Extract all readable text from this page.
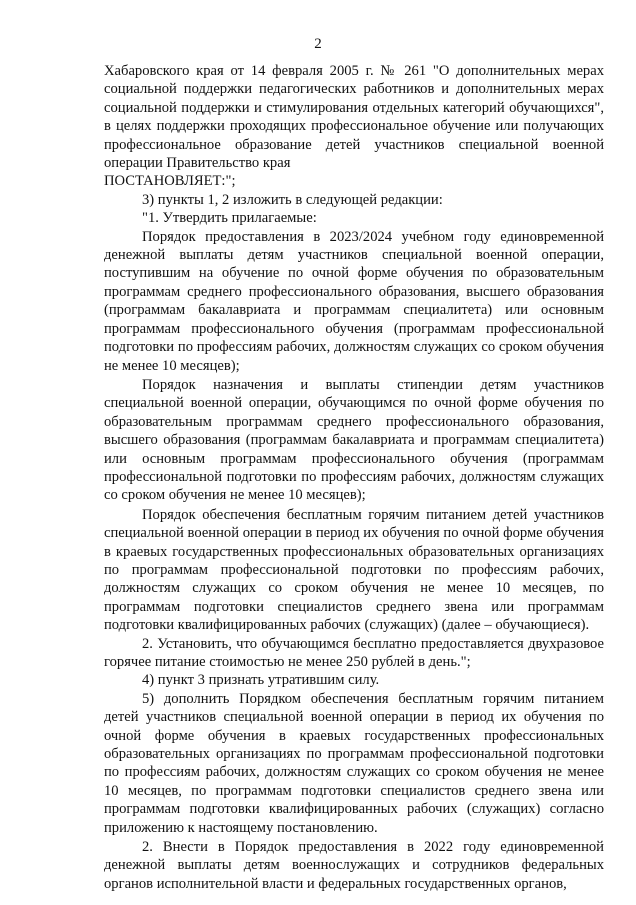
2

Хабаровского края от 14 февраля 2005 г. № 261 "О дополнительных мерах социальной поддержки педагогических работников и дополнительных мерах социальной поддержки и стимулирования отдельных категорий обучающихся", в целях поддержки проходящих профессиональное обучение или получающих профессиональное образование детей участников специальной военной операции Правительство края

ПОСТАНОВЛЯЕТ:";

3) пункты 1, 2 изложить в следующей редакции:

"1. Утвердить прилагаемые:

Порядок предоставления в 2023/2024 учебном году единовременной денежной выплаты детям участников специальной военной операции, поступившим на обучение по очной форме обучения по образовательным программам среднего профессионального образования, высшего образования (программам бакалавриата и программам специалитета) или основным программам профессионального обучения (программам профессиональной подготовки по профессиям рабочих, должностям служащих со сроком обучения не менее 10 месяцев);

Порядок назначения и выплаты стипендии детям участников специальной военной операции, обучающимся по очной форме обучения по образовательным программам среднего профессионального образования, высшего образования (программам бакалавриата и программам специалитета) или основным программам профессионального обучения (программам профессиональной подготовки по профессиям рабочих, должностям служащих со сроком обучения не менее 10 месяцев);

Порядок обеспечения бесплатным горячим питанием детей участников специальной военной операции в период их обучения по очной форме обучения в краевых государственных профессиональных образовательных организациях по программам профессиональной подготовки по профессиям рабочих, должностям служащих со сроком обучения не менее 10 месяцев, по программам подготовки специалистов среднего звена или программам подготовки квалифицированных рабочих (служащих) (далее – обучающиеся).

2. Установить, что обучающимся бесплатно предоставляется двухразовое горячее питание стоимостью не менее 250 рублей в день.";

4) пункт 3 признать утратившим силу.

5) дополнить Порядком обеспечения бесплатным горячим питанием детей участников специальной военной операции в период их обучения по очной форме обучения в краевых государственных профессиональных образовательных организациях по программам профессиональной подготовки по профессиям рабочих, должностям служащих со сроком обучения не менее 10 месяцев, по программам подготовки специалистов среднего звена или программам подготовки квалифицированных рабочих (служащих) согласно приложению к настоящему постановлению.

2. Внести в Порядок предоставления в 2022 году единовременной денежной выплаты детям военнослужащих и сотрудников федеральных органов исполнительной власти и федеральных государственных органов,
